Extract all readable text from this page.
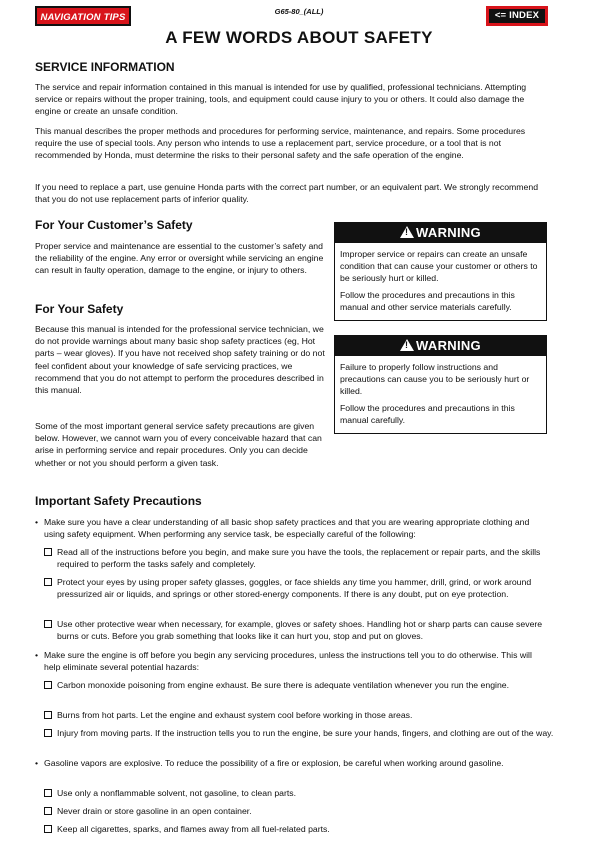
NAVIGATION TIPS
G65-80_(ALL)	<= INDEX
A FEW WORDS ABOUT SAFETY
SERVICE INFORMATION

The service and repair information contained in this manual is intended for use by qualified, professional technicians. Attempting service or repairs without the proper training, tools, and equipment could cause injury to you or others. It could also damage the engine or create an unsafe condition.

This manual describes the proper methods and procedures for performing service, maintenance, and repairs. Some procedures require the use of special tools. Any person who intends to use a replacement part, service procedure, or a tool that is not recommended by Honda, must determine the risks to their personal safety and the safe operation of the engine.

If you need to replace a part, use genuine Honda parts with the correct part number, or an equivalent part. We strongly recommend that you do not use replacement parts of inferior quality.

For Your Customer’s Safety

Proper service and maintenance are essential to the customer’s safety and the reliability of the engine. Any error or oversight while servicing an engine can result in faulty operation, damage to the engine, or injury to others.

For Your Safety

Because this manual is intended for the professional service technician, we do not provide warnings about many basic shop safety practices (eg, Hot parts – wear gloves). If you have not received shop safety training or do not feel confident about your knowledge of safe servicing practices, we recommend that you do not attempt to perform the procedures described in this manual.

Some of the most important general service safety precautions are given below. However, we cannot warn you of every conceivable hazard that can arise in performing service and repair procedures. Only you can decide whether or not you should perform a given task.

!WARNING

Improper service or repairs can create an unsafe condition that can cause your customer or others to be seriously hurt or killed.

Follow the procedures and precautions in this manual and other service materials carefully.

!WARNING

Failure to properly follow instructions and precautions can cause you to be seriously hurt or killed.

Follow the procedures and precautions in this manual carefully.

Important Safety Precautions
• Make sure you have a clear understanding of all basic shop safety practices and that you are wearing appropriate clothing and using safety equipment. When performing any service task, be especially careful of the following:
Read all of the instructions before you begin, and make sure you have the tools, the replacement or repair parts, and the skills required to perform the tasks safely and completely.
Protect your eyes by using proper safety glasses, goggles, or face shields any time you hammer, drill, grind, or work around pressurized air or liquids, and springs or other stored-energy components. If there is any doubt, put on eye protection.
Use other protective wear when necessary, for example, gloves or safety shoes. Handling hot or sharp parts can cause severe burns or cuts. Before you grab something that looks like it can hurt you, stop and put on gloves.
• Make sure the engine is off before you begin any servicing procedures, unless the instructions tell you to do otherwise. This will help eliminate several potential hazards:
Carbon monoxide poisoning from engine exhaust. Be sure there is adequate ventilation whenever you run the engine.
Burns from hot parts. Let the engine and exhaust system cool before working in those areas.
Injury from moving parts. If the instruction tells you to run the engine, be sure your hands, fingers, and clothing are out of the way.
• Gasoline vapors are explosive. To reduce the possibility of a fire or explosion, be careful when working around gasoline.
Use only a nonflammable solvent, not gasoline, to clean parts.
Never drain or store gasoline in an open container.
Keep all cigarettes, sparks, and flames away from all fuel-related parts.
